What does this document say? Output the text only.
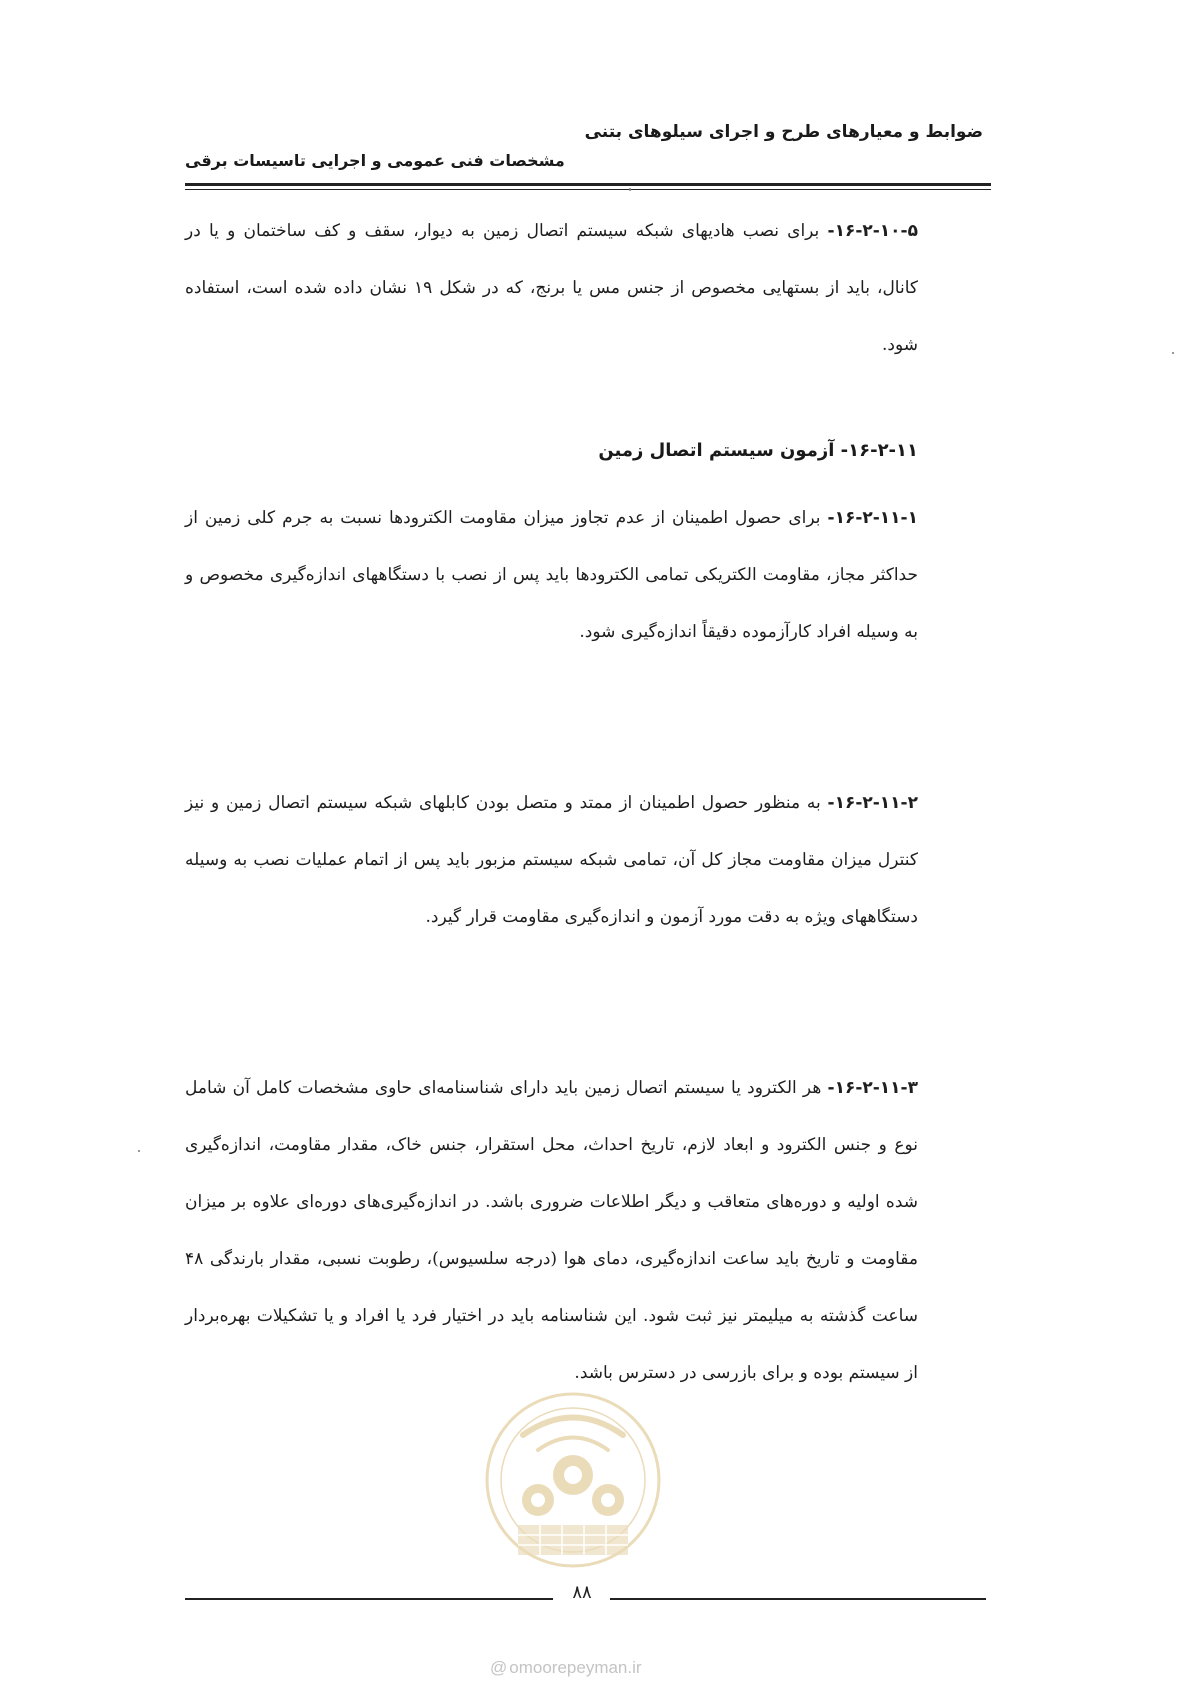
ضوابط و معیارهای طرح و اجرای سیلوهای بتنی
مشخصات فنی عمومی و اجرایی تاسیسات برقی
۱۶-۲-۱۰-۵- برای نصب هادیهای شبکه سیستم اتصال زمین به دیوار، سقف و کف ساختمان و یا در کانال، باید از بستهایی مخصوص از جنس مس یا برنج، که در شکل ۱۹ نشان داده شده است، استفاده شود.
۱۶-۲-۱۱- آزمون سیستم اتصال زمین
۱۶-۲-۱۱-۱- برای حصول اطمینان از عدم تجاوز میزان مقاومت الکترودها نسبت به جرم کلی زمین از حداکثر مجاز، مقاومت الکتریکی تمامی الکترودها باید پس از نصب با دستگاههای اندازه‌گیری مخصوص و به وسیله افراد کارآزموده دقیقاً اندازه‌گیری شود.
۱۶-۲-۱۱-۲- به منظور حصول اطمینان از ممتد و متصل بودن کابلهای شبکه سیستم اتصال زمین و نیز کنترل میزان مقاومت مجاز کل آن، تمامی شبکه سیستم مزبور باید پس از اتمام عملیات نصب به وسیله دستگاههای ویژه به دقت مورد آزمون و اندازه‌گیری مقاومت قرار گیرد.
۱۶-۲-۱۱-۳- هر الکترود یا سیستم اتصال زمین باید دارای شناسنامه‌ای حاوی مشخصات کامل آن شامل نوع و جنس الکترود و ابعاد لازم، تاریخ احداث، محل استقرار، جنس خاک، مقدار مقاومت، اندازه‌گیری شده اولیه و دوره‌های متعاقب و دیگر اطلاعات ضروری باشد. در اندازه‌گیری‌های دوره‌ای علاوه بر میزان مقاومت و تاریخ باید ساعت اندازه‌گیری، دمای هوا (درجه سلسیوس)، رطوبت نسبی، مقدار بارندگی ۴۸ ساعت گذشته به میلیمتر نیز ثبت شود. این شناسنامه باید در اختیار فرد یا افراد و یا تشکیلات بهره‌بردار از سیستم بوده و برای بازرسی در دسترس باشد.
۸۸
@ omoorepeyman.ir
